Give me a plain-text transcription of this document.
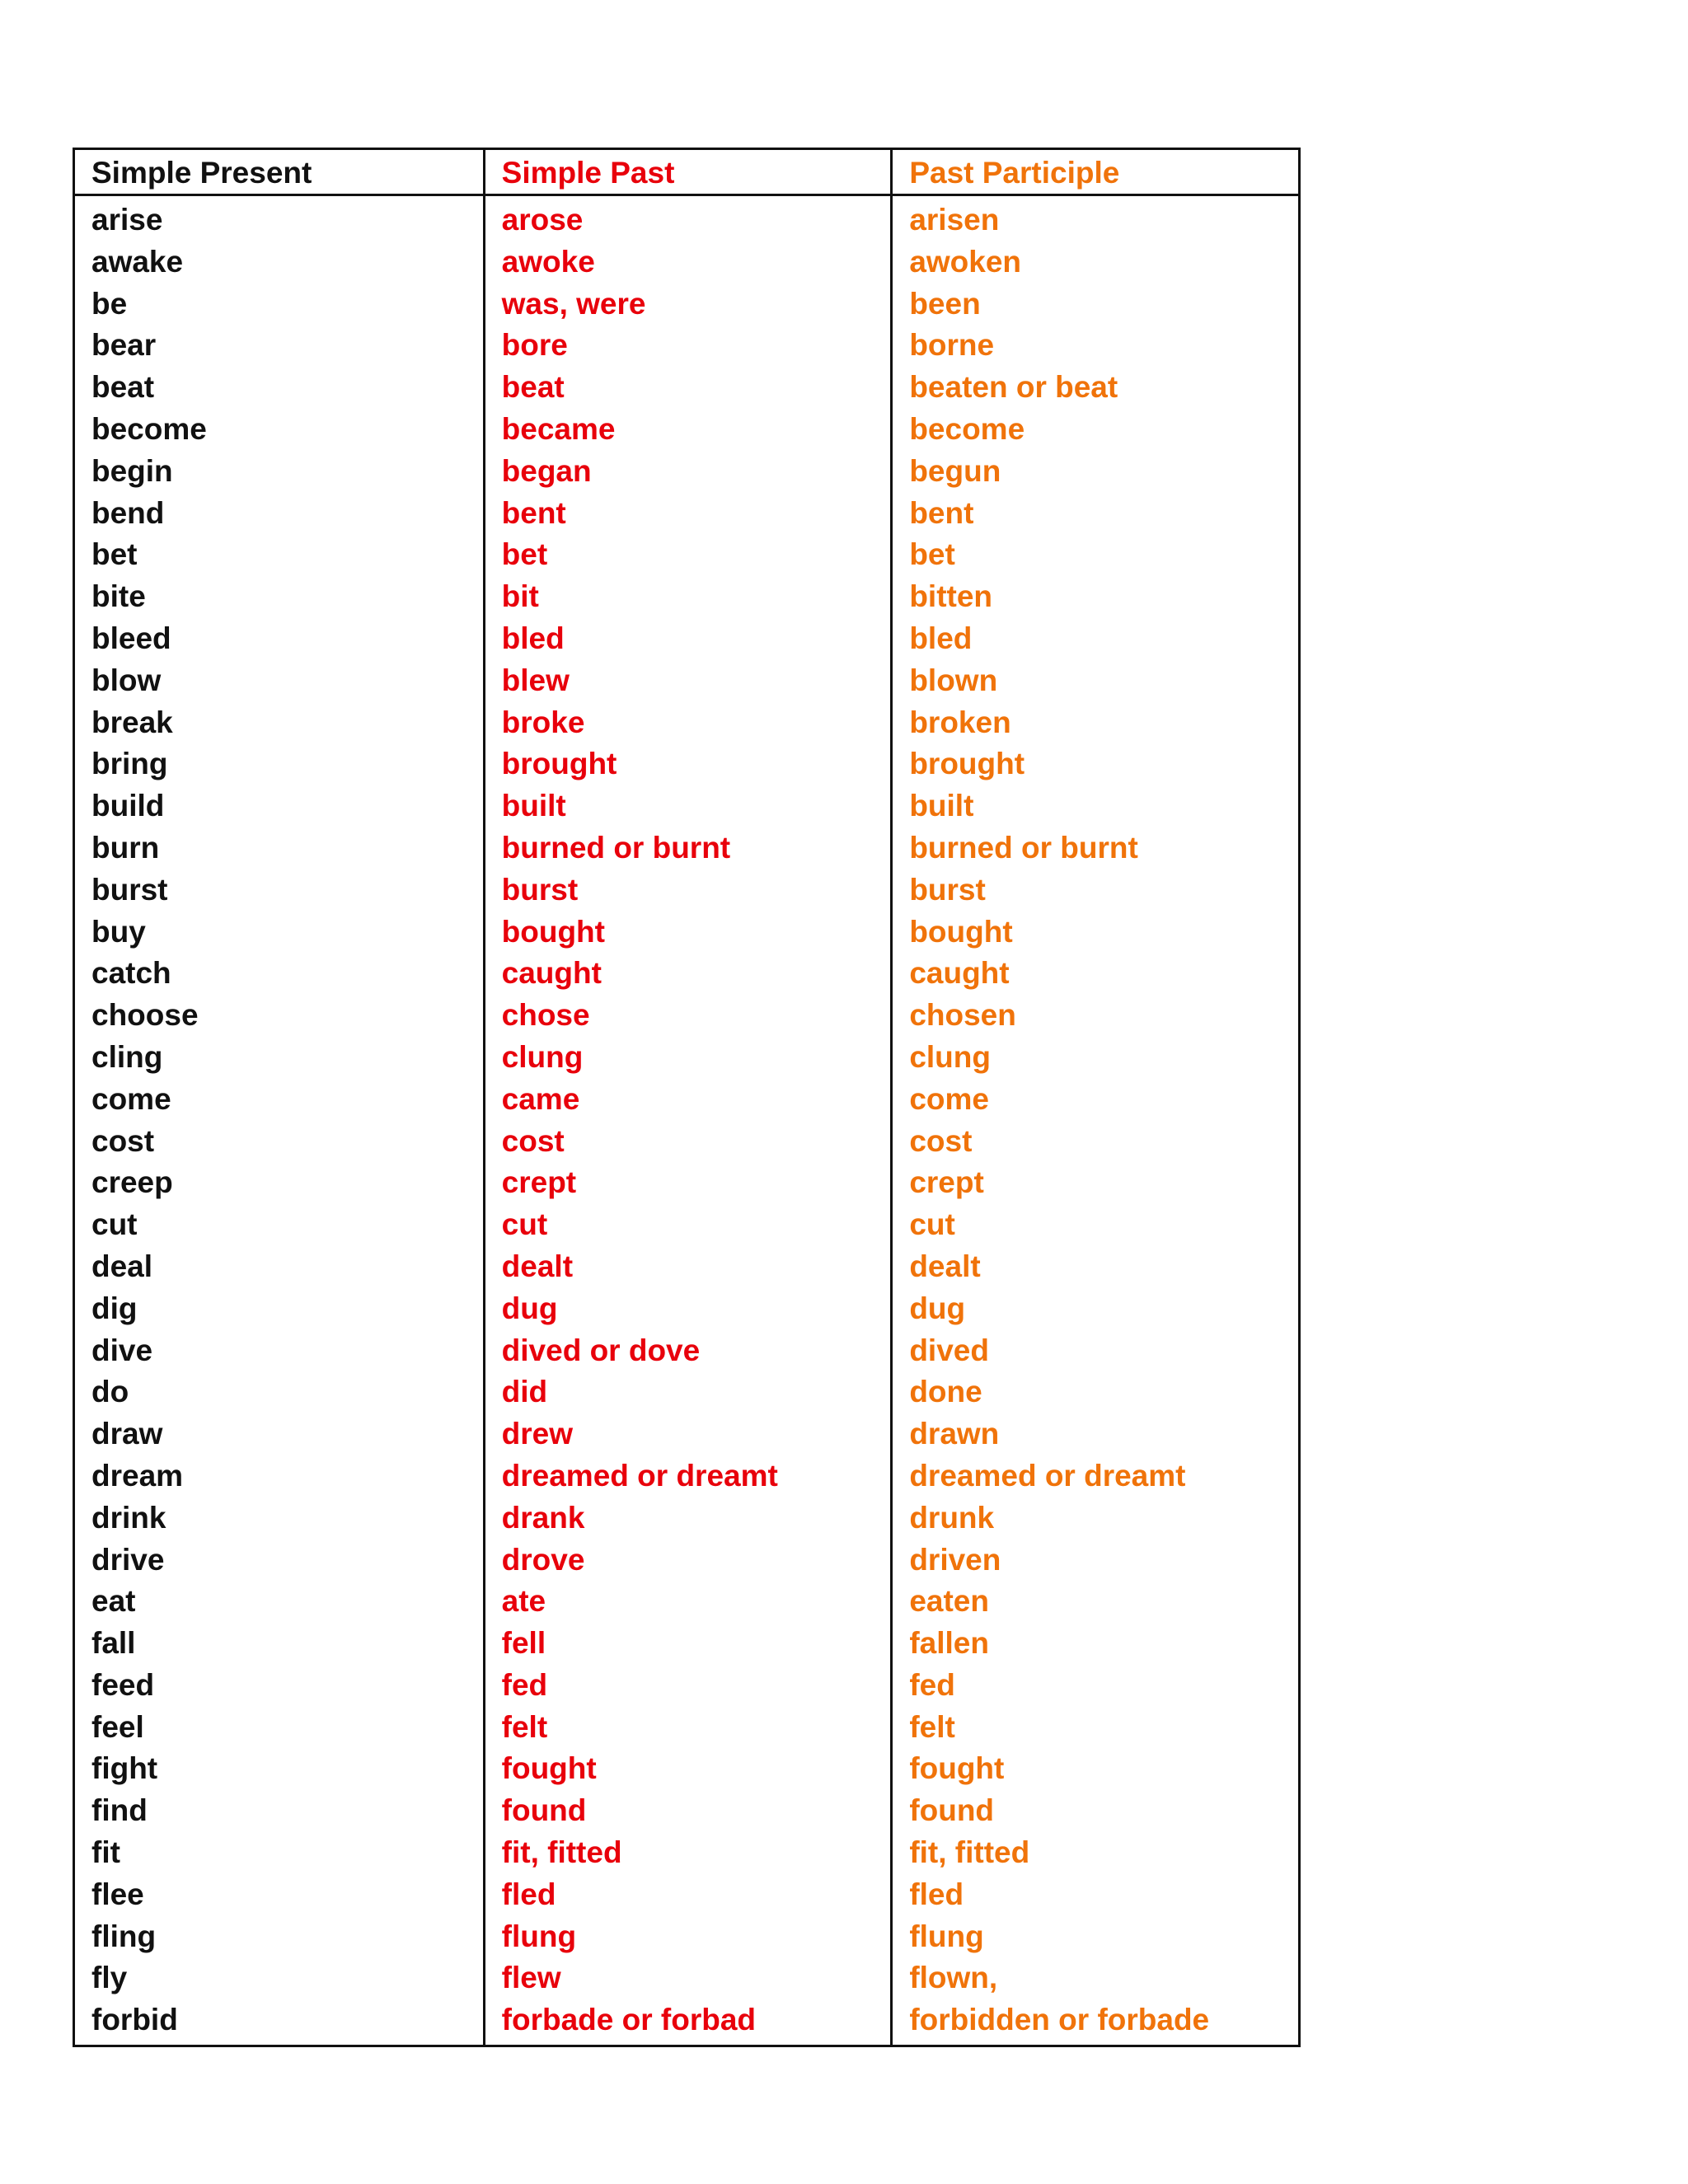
Simple Present
arise
awake
be
bear
beat
become
begin
bend
bet
bite
bleed
blow
break
bring
build
burn
burst
buy
catch
choose
cling
come
cost
creep
cut
deal
dig
dive
do
draw
dream
drink
drive
eat
fall
feed
feel
fight
find
fit
flee
fling
fly
forbid
Simple Past
arose
awoke
was, were
bore
beat
became
began
bent
bet
bit
bled
blew
broke
brought
built
burned or burnt
burst
bought
caught
chose
clung
came
cost
crept
cut
dealt
dug
dived or dove
did
drew
dreamed or dreamt
drank
drove
ate
fell
fed
felt
fought
found
fit, fitted
fled
flung
flew
forbade or forbad
Past Participle
arisen
awoken
been
borne
beaten or beat
become
begun
bent
bet
bitten
bled
blown
broken
brought
built
burned or burnt
burst
bought
caught
chosen
clung
come
cost
crept
cut
dealt
dug
dived
done
drawn
dreamed or dreamt
drunk
driven
eaten
fallen
fed
felt
fought
found
fit, fitted
fled
flung
flown,
forbidden or forbade
